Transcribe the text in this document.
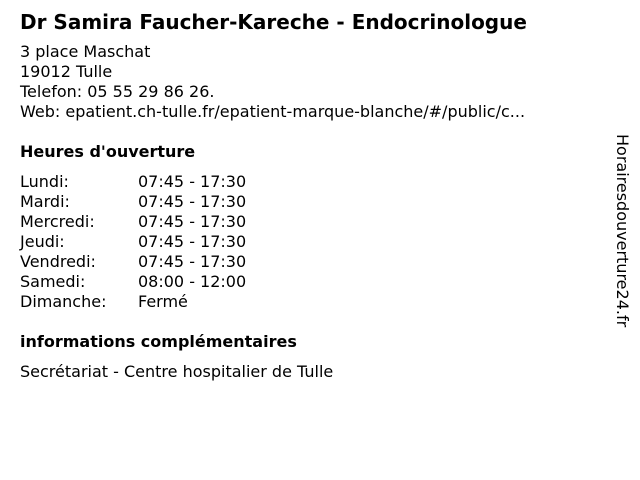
Dr Samira Faucher-Kareche - Endocrinologue
3 place Maschat
19012 Tulle
Telefon: 05 55 29 86 26.
Web: epatient.ch-tulle.fr/epatient-marque-blanche/#/public/c...
Heures d'ouverture
Lundi:	07:45 - 17:30
Mardi:	07:45 - 17:30
Mercredi:	07:45 - 17:30
Jeudi:	07:45 - 17:30
Vendredi:	07:45 - 17:30
Samedi:	08:00 - 12:00
Dimanche:	Fermé
informations complémentaires
Secrétariat - Centre hospitalier de Tulle
Horairesdouverture24.fr
